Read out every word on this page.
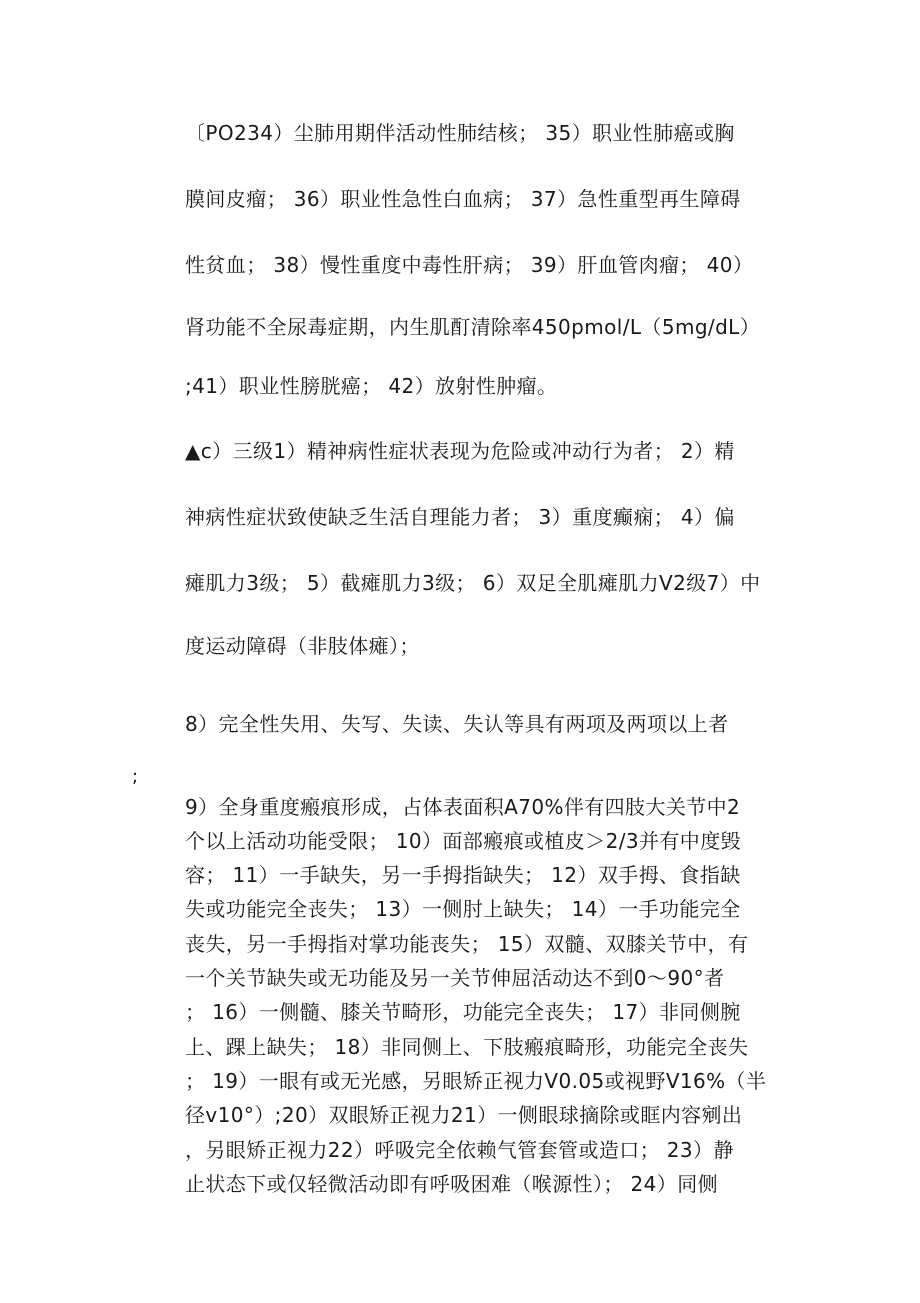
〔PO234）尘肺用期伴活动性肺结核； 35）职业性肺癌或胸
膜间皮瘤； 36）职业性急性白血病； 37）急性重型再生障碍
性贫血； 38）慢性重度中毒性肝病； 39）肝血管肉瘤； 40）
肾功能不全尿毒症期，内生肌酊清除率450pmol/L（5mg/dL）
;41）职业性膀胱癌； 42）放射性肿瘤。
▲c）三级1）精神病性症状表现为危险或冲动行为者； 2）精
神病性症状致使缺乏生活自理能力者； 3）重度癫痫； 4）偏
瘫肌力3级； 5）截瘫肌力3级； 6）双足全肌瘫肌力V2级7）中
度运动障碍（非肢体瘫）；
8）完全性失用、失写、失读、失认等具有两项及两项以上者
;
9）全身重度瘢痕形成，占体表面积A70%伴有四肢大关节中2
个以上活动功能受限； 10）面部瘢痕或植皮＞2/3并有中度毁
容； 11）一手缺失，另一手拇指缺失； 12）双手拇、食指缺
失或功能完全丧失； 13）一侧肘上缺失； 14）一手功能完全
丧失，另一手拇指对掌功能丧失； 15）双髓、双膝关节中，有
一个关节缺失或无功能及另一关节伸屈活动达不到0～90°者
； 16）一侧髓、膝关节畸形，功能完全丧失； 17）非同侧腕
上、踝上缺失； 18）非同侧上、下肢瘢痕畸形，功能完全丧失
； 19）一眼有或无光感，另眼矫正视力V0.05或视野V16%（半
径v10°）;20）双眼矫正视力21）一侧眼球摘除或眶内容剜出
，另眼矫正视力22）呼吸完全依赖气管套管或造口； 23）静
止状态下或仅轻微活动即有呼吸困难（喉源性）； 24）同侧
